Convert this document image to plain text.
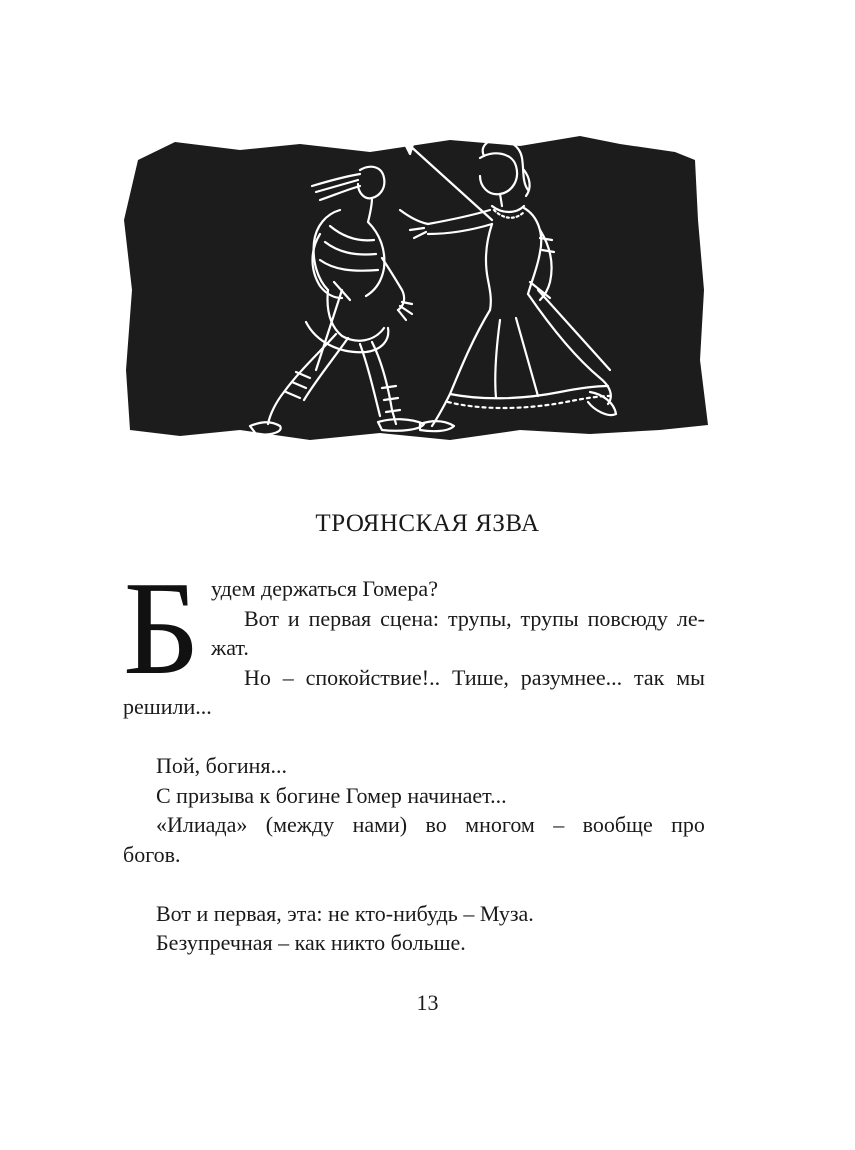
ТРОЯНСКАЯ ЯЗВА
Б удем держаться Гомера?
Вот и первая сцена: трупы, трупы повсюду ле-
жат.
Но – спокойствие!.. Тише, разумнее... так мы
решили...
Пой, богиня...
С призыва к богине Гомер начинает...
«Илиада» (между нами) во многом – вообще про
богов.
Вот и первая, эта: не кто-нибудь – Муза.
Безупречная – как никто больше.
13
